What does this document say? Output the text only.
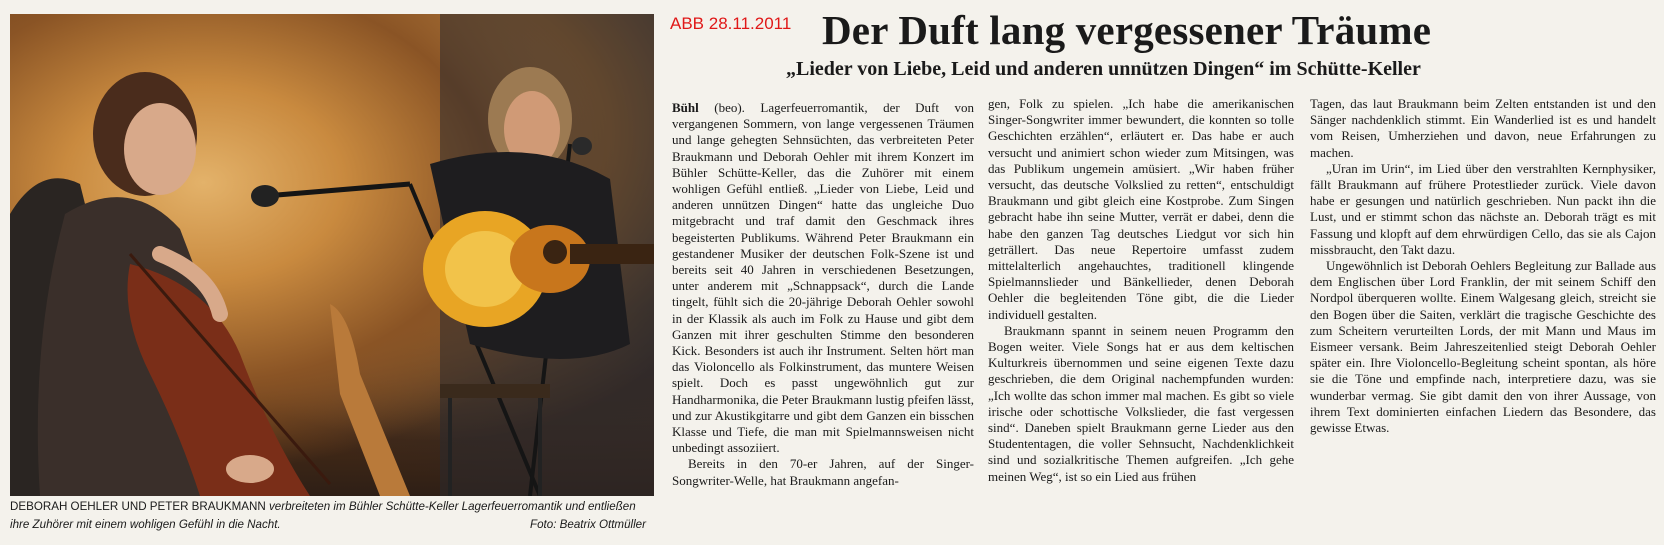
DEBORAH OEHLER UND PETER BRAUKMANN verbreiteten im Bühler Schütte-Keller Lagerfeuerromantik und entließen ihre Zuhörer mit einem wohligen Gefühl in die Nacht.	Foto: Beatrix Ottmüller
ABB 28.11.2011 Der Duft lang vergessener Träume
„Lieder von Liebe, Leid und anderen unnützen Dingen“ im Schütte-Keller

Bühl (beo). Lagerfeuerromantik, der Duft von vergangenen Sommern, von lange vergessenen Träumen und lange gehegten Sehnsüchten, das verbreiteten Peter Braukmann und Deborah Oehler mit ihrem Konzert im Bühler Schütte-Keller, das die Zuhörer mit einem wohligen Gefühl entließ. „Lieder von Liebe, Leid und anderen unnützen Dingen“ hatte das ungleiche Duo mitgebracht und traf damit den Geschmack ihres begeisterten Publikums. Während Peter Braukmann ein gestandener Musiker der deutschen Folk-Szene ist und bereits seit 40 Jahren in verschiedenen Besetzungen, unter anderem mit „Schnappsack“, durch die Lande tingelt, fühlt sich die 20-jährige Deborah Oehler sowohl in der Klassik als auch im Folk zu Hause und gibt dem Ganzen mit ihrer geschulten Stimme den besonderen Kick. Besonders ist auch ihr Instrument. Selten hört man das Violoncello als Folkinstrument, das muntere Weisen spielt. Doch es passt ungewöhnlich gut zur Handharmonika, die Peter Braukmann lustig pfeifen lässt, und zur Akustikgitarre und gibt dem Ganzen ein bisschen Klasse und Tiefe, die man mit Spielmannsweisen nicht unbedingt assoziiert.

Bereits in den 70-er Jahren, auf der Singer-Songwriter-Welle, hat Braukmann angefan-

gen, Folk zu spielen. „Ich habe die amerikanischen Singer-Songwriter immer bewundert, die konnten so tolle Geschichten erzählen“, erläutert er. Das habe er auch versucht und animiert schon wieder zum Mitsingen, was das Publikum ungemein amüsiert. „Wir haben früher versucht, das deutsche Volkslied zu retten“, entschuldigt Braukmann und gibt gleich eine Kostprobe. Zum Singen gebracht habe ihn seine Mutter, verrät er dabei, denn die habe den ganzen Tag deutsches Liedgut vor sich hin geträllert. Das neue Repertoire umfasst zudem mittelalterlich angehauchtes, traditionell klingende Spielmannslieder und Bänkellieder, denen Deborah Oehler die begleitenden Töne gibt, die die Lieder individuell gestalten.

Braukmann spannt in seinem neuen Programm den Bogen weiter. Viele Songs hat er aus dem keltischen Kulturkreis übernommen und seine eigenen Texte dazu geschrieben, die dem Original nachempfunden wurden: „Ich wollte das schon immer mal machen. Es gibt so viele irische oder schottische Volkslieder, die fast vergessen sind“. Daneben spielt Braukmann gerne Lieder aus den Studententagen, die voller Sehnsucht, Nachdenklichkeit sind und sozialkritische Themen aufgreifen. „Ich gehe meinen Weg“, ist so ein Lied aus frühen

Tagen, das laut Braukmann beim Zelten entstanden ist und den Sänger nachdenklich stimmt. Ein Wanderlied ist es und handelt vom Reisen, Umherziehen und davon, neue Erfahrungen zu machen.

„Uran im Urin“, im Lied über den verstrahlten Kernphysiker, fällt Braukmann auf frühere Protestlieder zurück. Viele davon habe er gesungen und natürlich geschrieben. Nun packt ihn die Lust, und er stimmt schon das nächste an. Deborah trägt es mit Fassung und klopft auf dem ehrwürdigen Cello, das sie als Cajon missbraucht, den Takt dazu.

Ungewöhnlich ist Deborah Oehlers Begleitung zur Ballade aus dem Englischen über Lord Franklin, der mit seinem Schiff den Nordpol überqueren wollte. Einem Walgesang gleich, streicht sie den Bogen über die Saiten, verklärt die tragische Geschichte des zum Scheitern verurteilten Lords, der mit Mann und Maus im Eismeer versank. Beim Jahreszeitenlied steigt Deborah Oehler später ein. Ihre Violoncello-Begleitung scheint spontan, als höre sie die Töne und empfinde nach, interpretiere dazu, was sie wunderbar vermag. Sie gibt damit den von ihrer Aussage, von ihrem Text dominierten einfachen Liedern das Besondere, das gewisse Etwas.
